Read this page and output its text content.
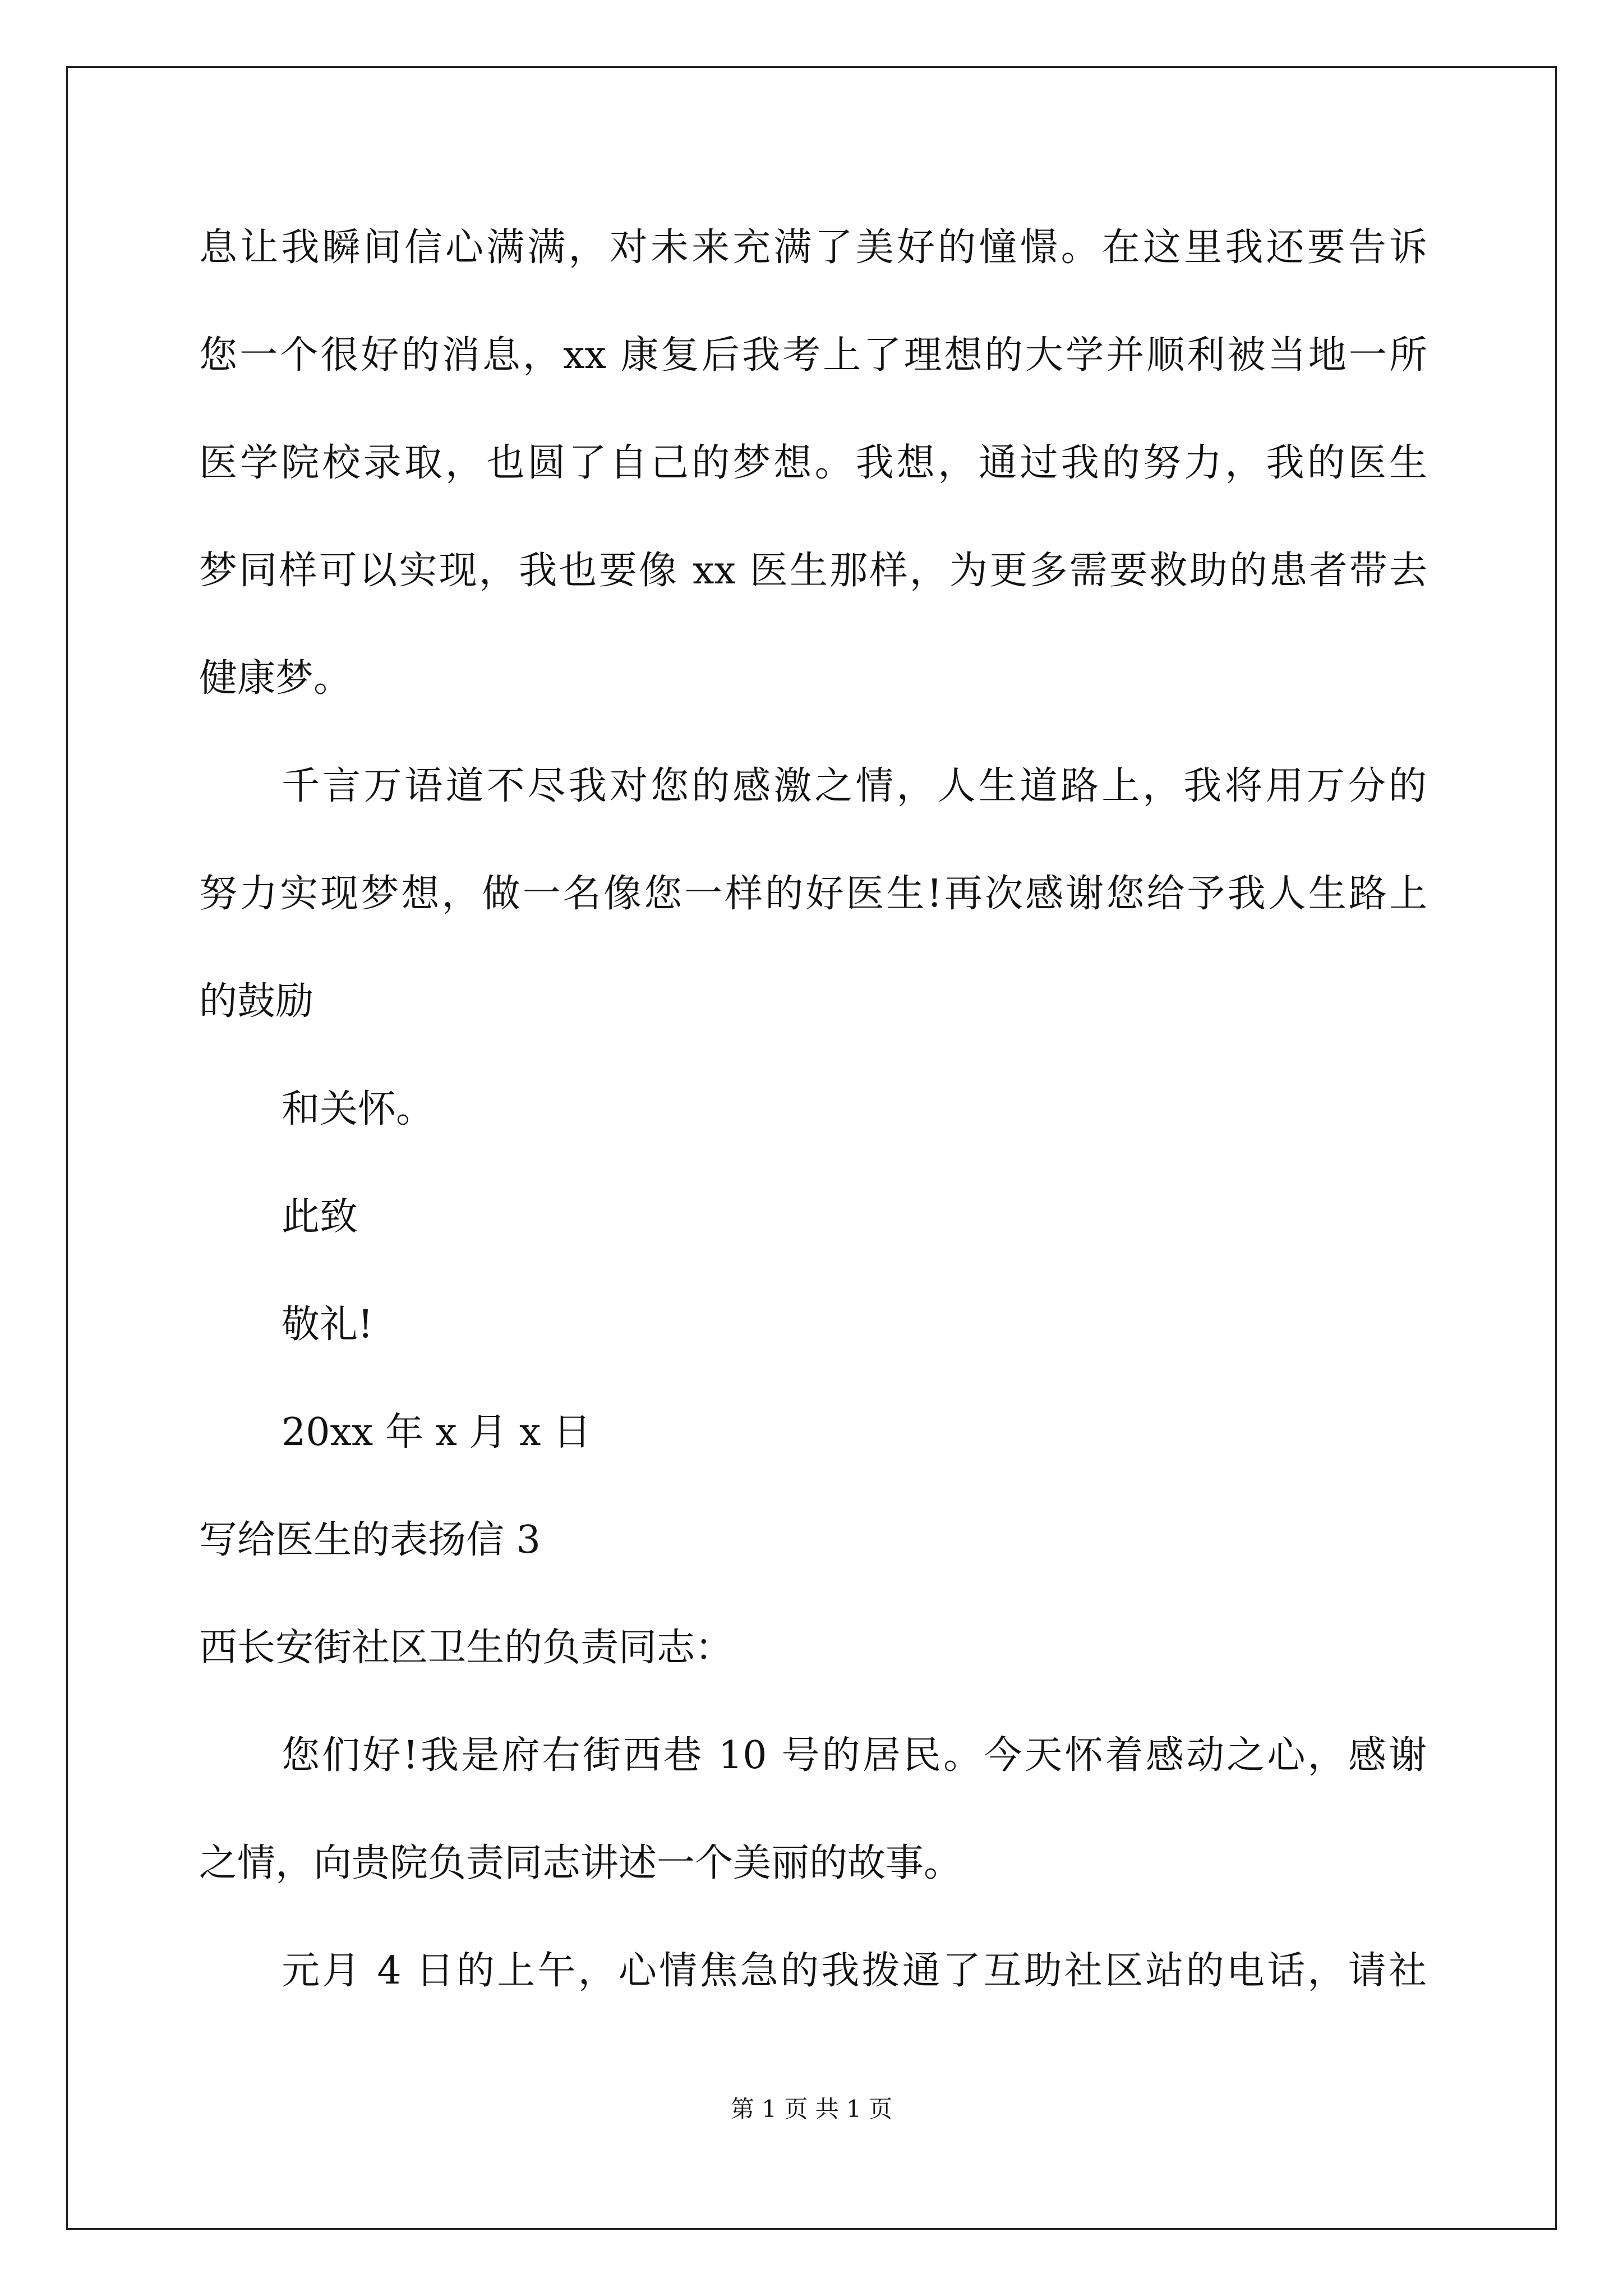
息让我瞬间信心满满，对未来充满了美好的憧憬。在这里我还要告诉
您一个很好的消息，xx 康复后我考上了理想的大学并顺利被当地一所
医学院校录取，也圆了自己的梦想。我想，通过我的努力，我的医生
梦同样可以实现，我也要像 xx 医生那样，为更多需要救助的患者带去
健康梦。
千言万语道不尽我对您的感激之情，人生道路上，我将用万分的
努力实现梦想，做一名像您一样的好医生!再次感谢您给予我人生路上
的鼓励
和关怀。
此致
敬礼!
20xx 年 x 月 x 日
写给医生的表扬信 3
西长安街社区卫生的负责同志：
您们好!我是府右街西巷 10 号的居民。今天怀着感动之心，感谢
之情，向贵院负责同志讲述一个美丽的故事。
元月 4 日的上午，心情焦急的我拨通了互助社区站的电话，请社
第 1 页 共 1 页
